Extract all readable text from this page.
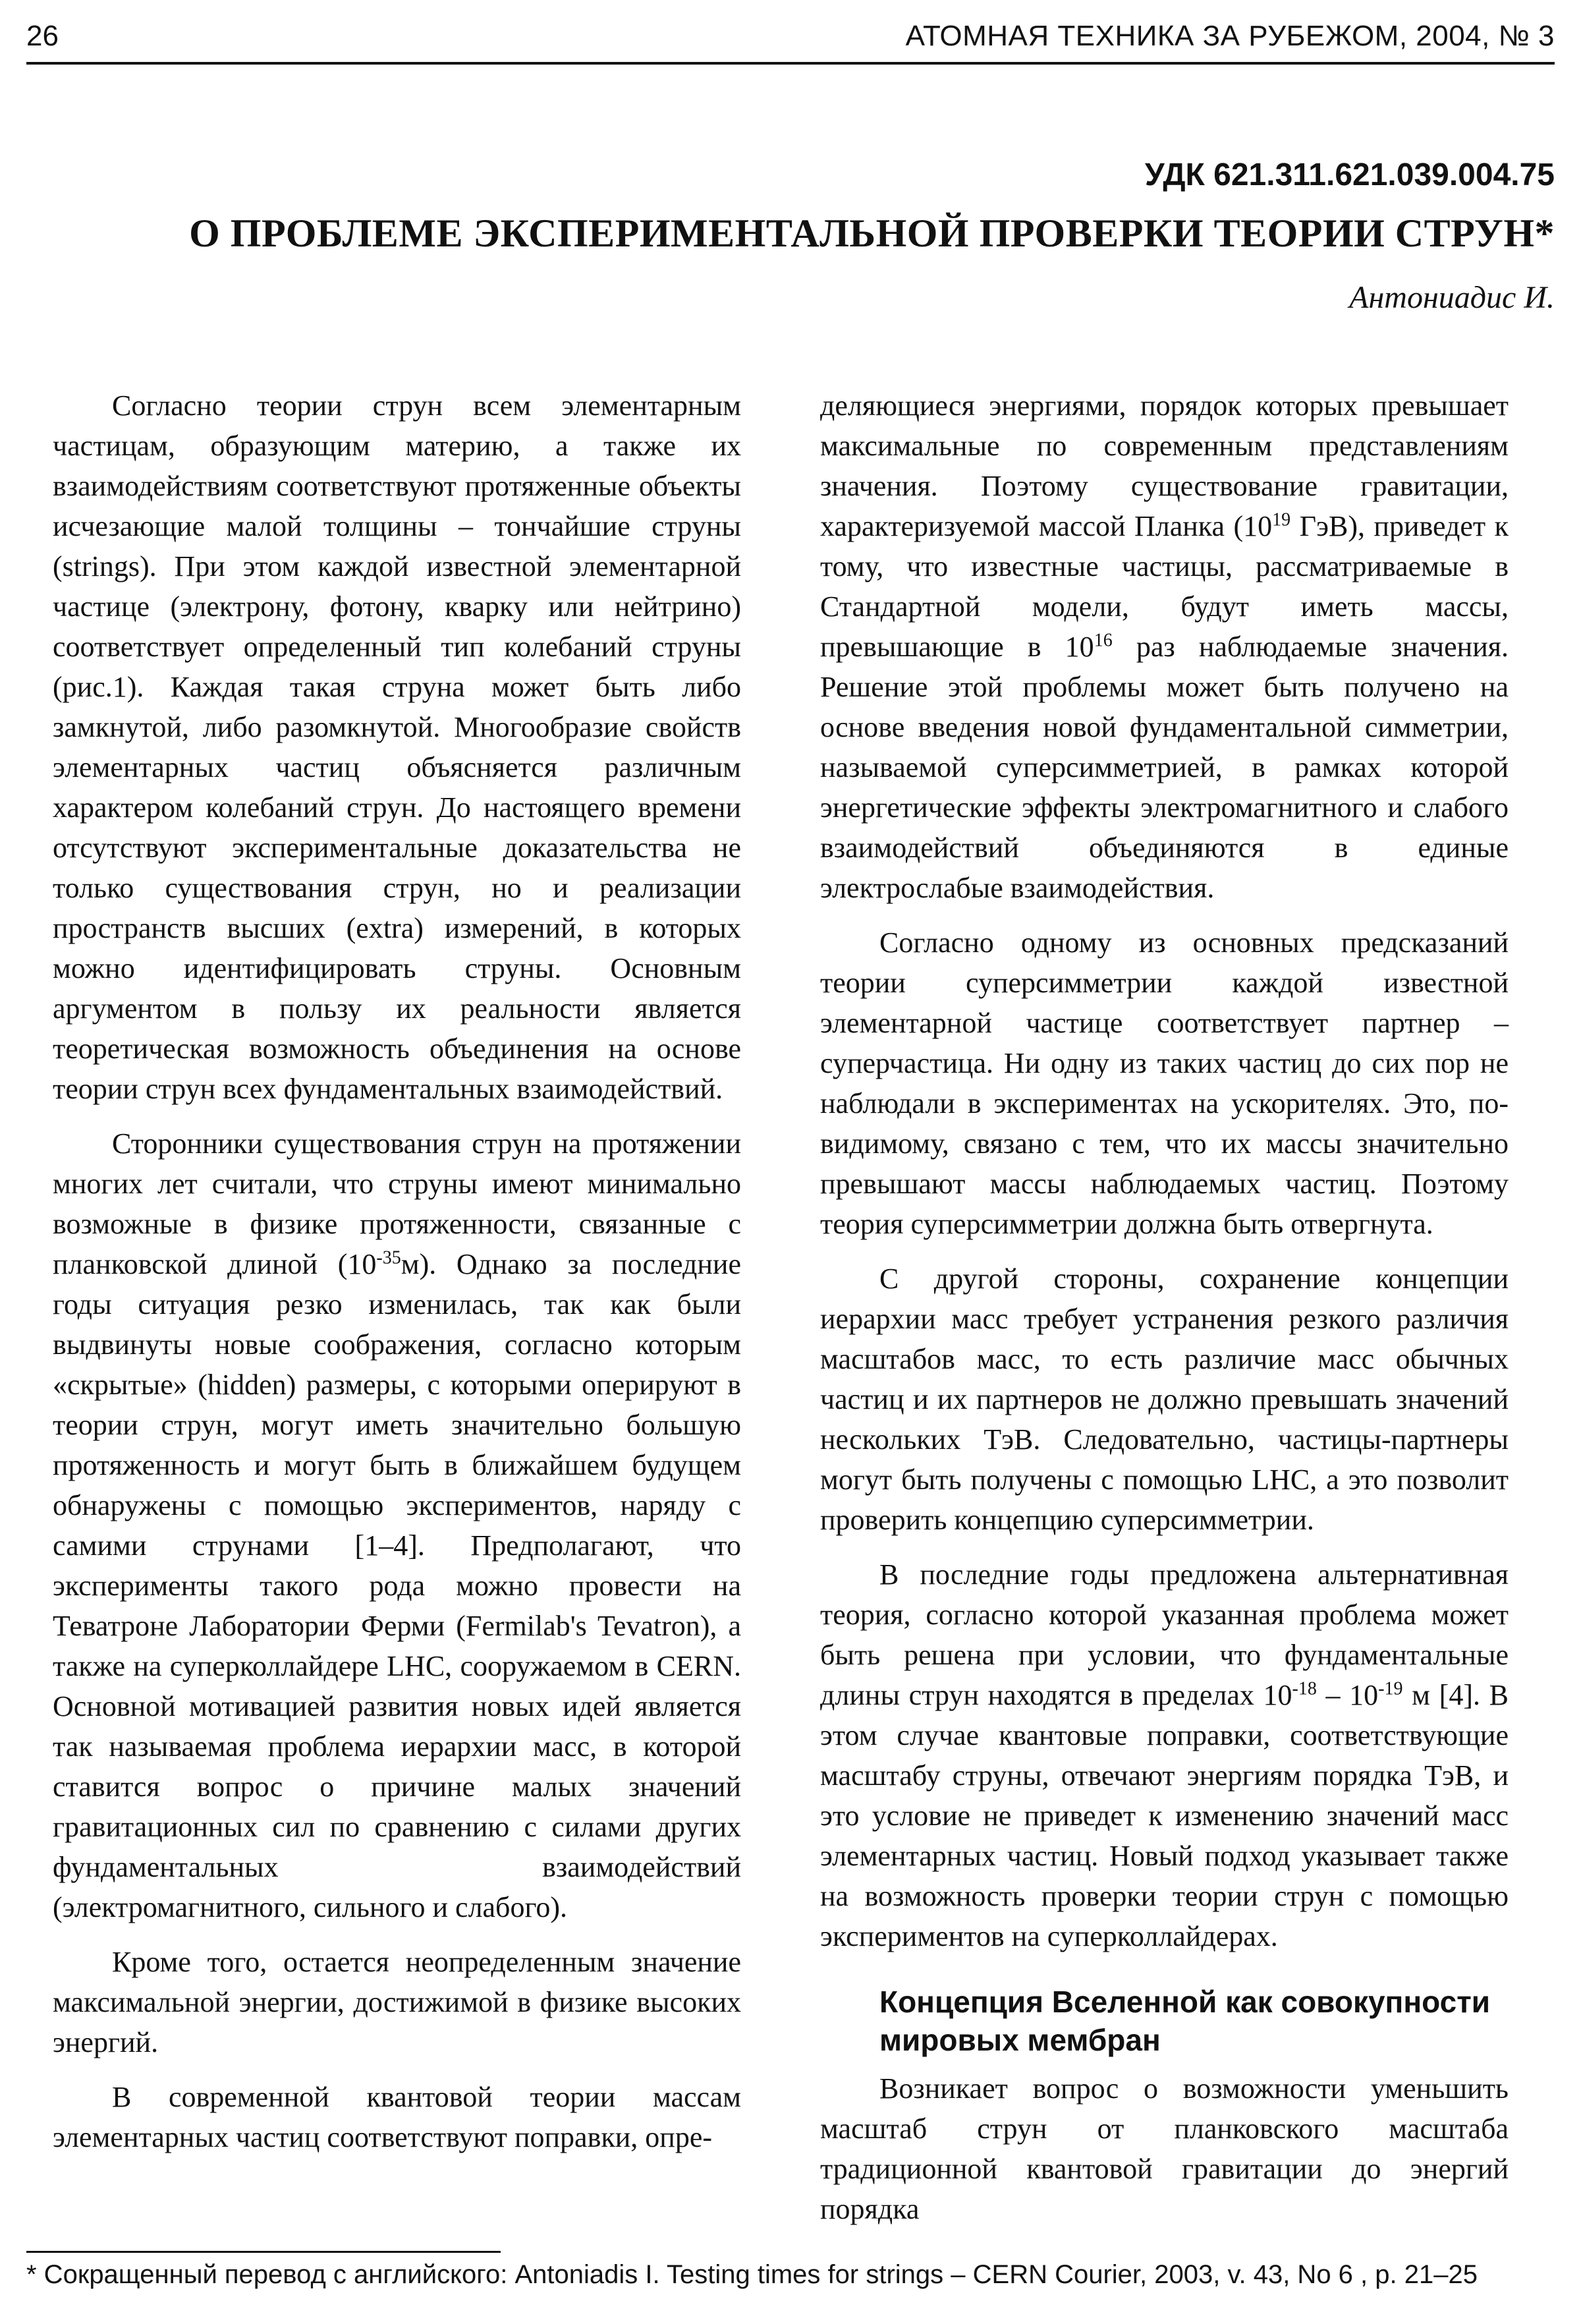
26	АТОМНАЯ ТЕХНИКА ЗА РУБЕЖОМ, 2004, № 3
УДК 621.311.621.039.004.75
О ПРОБЛЕМЕ ЭКСПЕРИМЕНТАЛЬНОЙ ПРОВЕРКИ ТЕОРИИ СТРУН*
Антониадис И.

Согласно теории струн всем элементарным частицам, образующим материю, а также их взаимодействиям соответствуют протяженные объекты исчезающие малой толщины – тончайшие струны (strings). При этом каждой известной элементарной частице (электрону, фотону, кварку или нейтрино) соответствует определенный тип колебаний струны (рис.1). Каждая такая струна может быть либо замкнутой, либо разомкнутой. Многообразие свойств элементарных частиц объясняется различным характером колебаний струн. До настоящего времени отсутствуют экспериментальные доказательства не только существования струн, но и реализации пространств высших (extra) измерений, в которых можно идентифицировать струны. Основным аргументом в пользу их реальности является теоретическая возможность объединения на основе теории струн всех фундаментальных взаимодействий.

Сторонники существования струн на протяжении многих лет считали, что струны имеют минимально возможные в физике протяженности, связанные с планковской длиной $(10^{-35}м)$. Однако за последние годы ситуация резко изменилась, так как были выдвинуты новые соображения, согласно которым «скрытые» (hidden) размеры, с которыми оперируют в теории струн, могут иметь значительно большую протяженность и могут быть в ближайшем будущем обнаружены с помощью экспериментов, наряду с самими струнами [1–4]. Предполагают, что эксперименты такого рода можно провести на Теватроне Лаборатории Ферми (Fermilab's Tevatron), а также на суперколлайдере LHC, сооружаемом в CERN. Основной мотивацией развития новых идей является так называемая проблема иерархии масс, в которой ставится вопрос о причине малых значений гравитационных сил по сравнению с силами других фундаментальных взаимодействий (электромагнитного, сильного и слабого).

Кроме того, остается неопределенным значение максимальной энергии, достижимой в физике высоких энергий.

В современной квантовой теории массам элементарных частиц соответствуют поправки, опре-

деляющиеся энергиями, порядок которых превышает максимальные по современным представлениям значения. Поэтому существование гравитации, характеризуемой массой Планка ($10^{19}$ ГэВ), приведет к тому, что известные частицы, рассматриваемые в Стандартной модели, будут иметь массы, превышающие в $10^{16}$ раз наблюдаемые значения. Решение этой проблемы может быть получено на основе введения новой фундаментальной симметрии, называемой суперсимметрией, в рамках которой энергетические эффекты электромагнитного и слабого взаимодействий объединяются в единые электрослабые взаимодействия.

Согласно одному из основных предсказаний теории суперсимметрии каждой известной элементарной частице соответствует партнер – суперчастица. Ни одну из таких частиц до сих пор не наблюдали в экспериментах на ускорителях. Это, по-видимому, связано с тем, что их массы значительно превышают массы наблюдаемых частиц. Поэтому теория суперсимметрии должна быть отвергнута.

С другой стороны, сохранение концепции иерархии масс требует устранения резкого различия масштабов масс, то есть различие масс обычных частиц и их партнеров не должно превышать значений нескольких ТэВ. Следовательно, частицы-партнеры могут быть получены с помощью LHC, а это позволит проверить концепцию суперсимметрии.

В последние годы предложена альтернативная теория, согласно которой указанная проблема может быть решена при условии, что фундаментальные длины струн находятся в пределах $10^{-18} - 10^{-19}$ м [4]. В этом случае квантовые поправки, соответствующие масштабу струны, отвечают энергиям порядка ТэВ, и это условие не приведет к изменению значений масс элементарных частиц. Новый подход указывает также на возможность проверки теории струн с помощью экспериментов на суперколлайдерах.

Концепция Вселенной как совокупности мировых мембран

Возникает вопрос о возможности уменьшить масштаб струн от планковского масштаба традиционной квантовой гравитации до энергий порядка

* Сокращенный перевод с английского: Antoniadis I. Testing times for strings – CERN Courier, 2003, v. 43, No 6 , p. 21–25
